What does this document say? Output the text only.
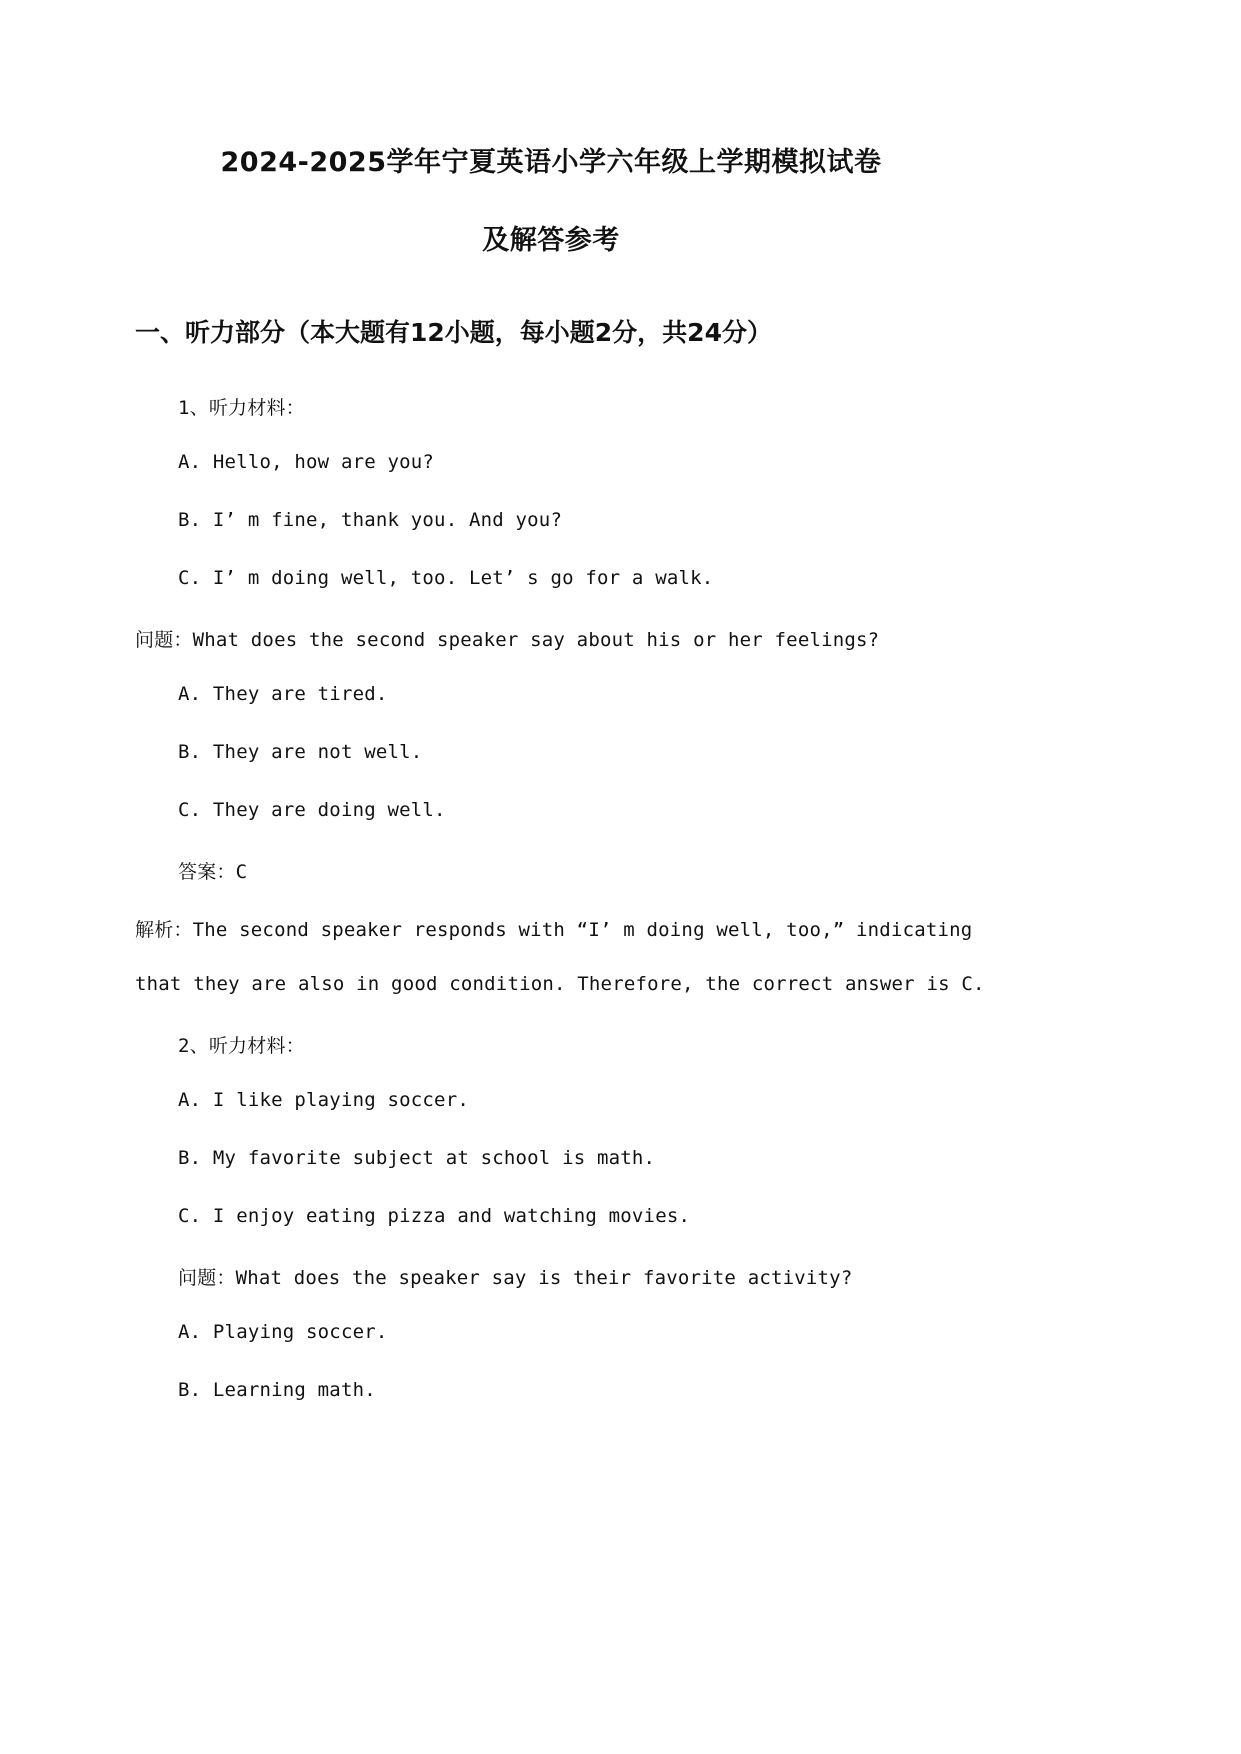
2024-2025学年宁夏英语小学六年级上学期模拟试卷
及解答参考
一、听力部分（本大题有12小题，每小题2分，共24分）
1、听力材料：
A. Hello, how are you?
B. I’ m fine, thank you. And you?
C. I’ m doing well, too. Let’ s go for a walk.
问题：What does the second speaker say about his or her feelings?
A. They are tired.
B. They are not well.
C. They are doing well.
答案：C
解析：The second speaker responds with “I’ m doing well, too,” indicating
that they are also in good condition. Therefore, the correct answer is C.
2、听力材料：
A. I like playing soccer.
B. My favorite subject at school is math.
C. I enjoy eating pizza and watching movies.
问题：What does the speaker say is their favorite activity?
A. Playing soccer.
B. Learning math.
